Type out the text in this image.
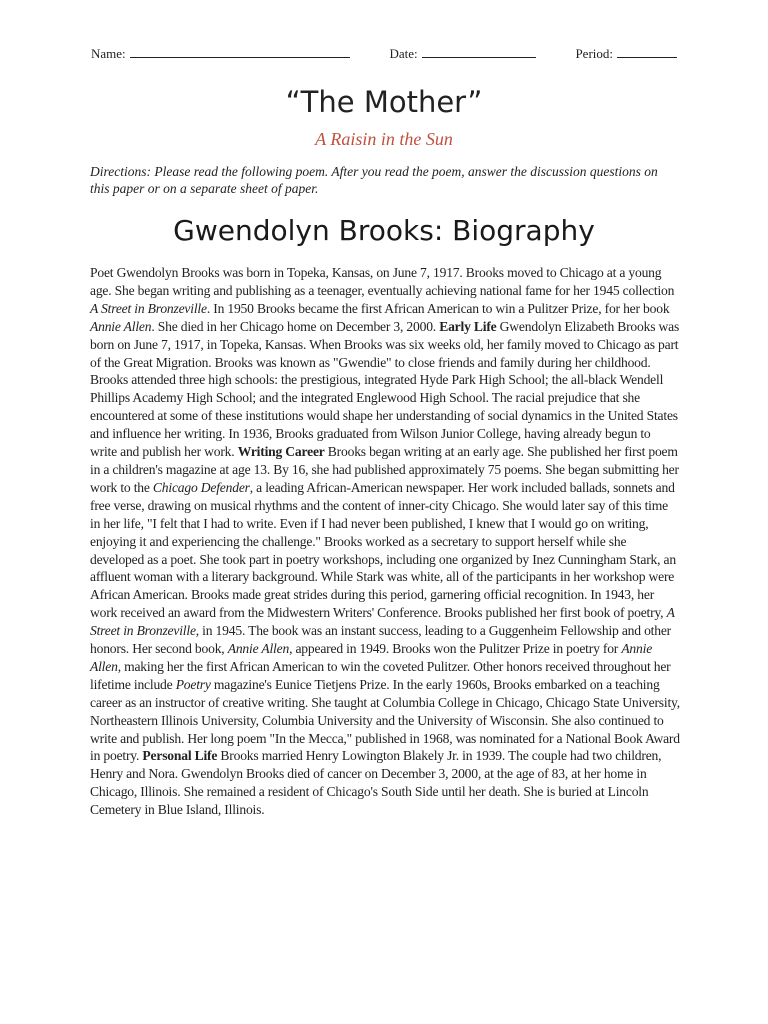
Name:	Date:	Period:
“The Mother”
A Raisin in the Sun
Directions: Please read the following poem. After you read the poem, answer the discussion questions on this paper or on a separate sheet of paper.
Gwendolyn Brooks: Biography
Poet Gwendolyn Brooks was born in Topeka, Kansas, on June 7, 1917. Brooks moved to Chicago at a young age. She began writing and publishing as a teenager, eventually achieving national fame for her 1945 collection A Street in Bronzeville. In 1950 Brooks became the first African American to win a Pulitzer Prize, for her book Annie Allen. She died in her Chicago home on December 3, 2000. Early Life Gwendolyn Elizabeth Brooks was born on June 7, 1917, in Topeka, Kansas. When Brooks was six weeks old, her family moved to Chicago as part of the Great Migration. Brooks was known as "Gwendie" to close friends and family during her childhood. Brooks attended three high schools: the prestigious, integrated Hyde Park High School; the all-black Wendell Phillips Academy High School; and the integrated Englewood High School. The racial prejudice that she encountered at some of these institutions would shape her understanding of social dynamics in the United States and influence her writing. In 1936, Brooks graduated from Wilson Junior College, having already begun to write and publish her work. Writing Career Brooks began writing at an early age. She published her first poem in a children's magazine at age 13. By 16, she had published approximately 75 poems. She began submitting her work to the Chicago Defender, a leading African-American newspaper. Her work included ballads, sonnets and free verse, drawing on musical rhythms and the content of inner-city Chicago. She would later say of this time in her life, "I felt that I had to write. Even if I had never been published, I knew that I would go on writing, enjoying it and experiencing the challenge." Brooks worked as a secretary to support herself while she developed as a poet. She took part in poetry workshops, including one organized by Inez Cunningham Stark, an affluent woman with a literary background. While Stark was white, all of the participants in her workshop were African American. Brooks made great strides during this period, garnering official recognition. In 1943, her work received an award from the Midwestern Writers' Conference. Brooks published her first book of poetry, A Street in Bronzeville, in 1945. The book was an instant success, leading to a Guggenheim Fellowship and other honors. Her second book, Annie Allen, appeared in 1949. Brooks won the Pulitzer Prize in poetry for Annie Allen, making her the first African American to win the coveted Pulitzer. Other honors received throughout her lifetime include Poetry magazine's Eunice Tietjens Prize. In the early 1960s, Brooks embarked on a teaching career as an instructor of creative writing. She taught at Columbia College in Chicago, Chicago State University, Northeastern Illinois University, Columbia University and the University of Wisconsin. She also continued to write and publish. Her long poem "In the Mecca," published in 1968, was nominated for a National Book Award in poetry. Personal Life Brooks married Henry Lowington Blakely Jr. in 1939. The couple had two children, Henry and Nora. Gwendolyn Brooks died of cancer on December 3, 2000, at the age of 83, at her home in Chicago, Illinois. She remained a resident of Chicago's South Side until her death. She is buried at Lincoln Cemetery in Blue Island, Illinois.
